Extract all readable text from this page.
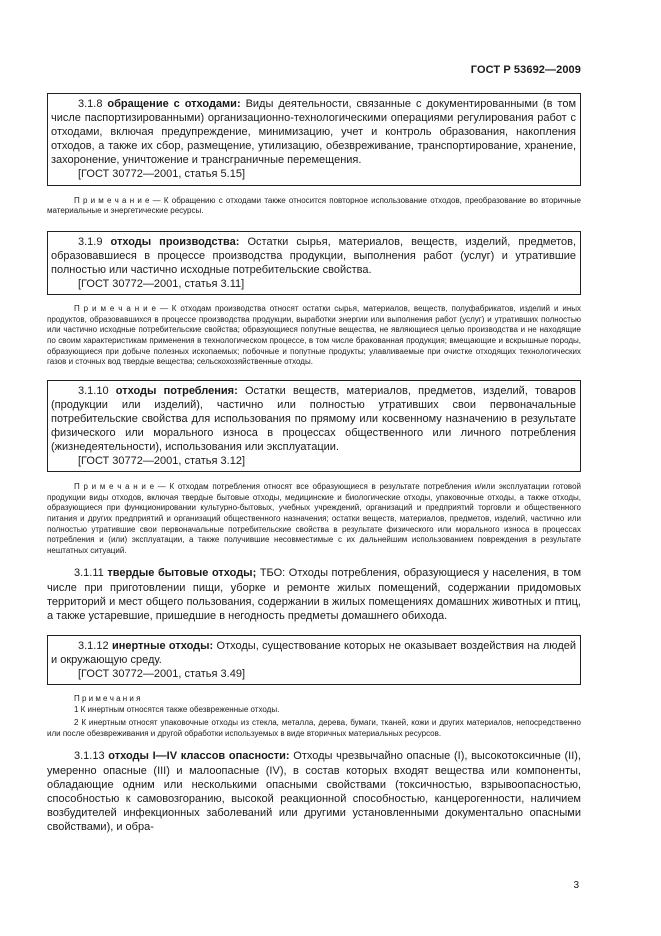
ГОСТ Р 53692—2009

3.1.8 обращение с отходами: Виды деятельности, связанные с документированными (в том числе паспортизированными) организационно-технологическими операциями регулирования работ с отходами, включая предупреждение, минимизацию, учет и контроль образования, накопления отходов, а также их сбор, размещение, утилизацию, обезвреживание, транспортирование, хранение, захоронение, уничтожение и трансграничные перемещения.

[ГОСТ 30772—2001, статья 5.15]

П р и м е ч а н и е — К обращению с отходами также относится повторное использование отходов, преобразование во вторичные материальные и энергетические ресурсы.

3.1.9 отходы производства: Остатки сырья, материалов, веществ, изделий, предметов, образовавшиеся в процессе производства продукции, выполнения работ (услуг) и утратившие полностью или частично исходные потребительские свойства.

[ГОСТ 30772—2001, статья 3.11]

П р и м е ч а н и е — К отходам производства относят остатки сырья, материалов, веществ, полуфабрикатов, изделий и иных продуктов, образовавшихся в процессе производства продукции, выработки энергии или выполнения работ (услуг) и утративших полностью или частично исходные потребительские свойства; образующиеся попутные вещества, не являющиеся целью производства и не находящие по своим характеристикам применения в технологическом процессе, в том числе бракованная продукция; вмещающие и вскрышные породы, образующиеся при добыче полезных ископаемых; побочные и попутные продукты; улавливаемые при очистке отходящих технологических газов и сточных вод твердые вещества; сельскохозяйственные отходы.

3.1.10 отходы потребления: Остатки веществ, материалов, предметов, изделий, товаров (продукции или изделий), частично или полностью утративших свои первоначальные потребительские свойства для использования по прямому или косвенному назначению в результате физического или морального износа в процессах общественного или личного потребления (жизнедеятельности), использования или эксплуатации.

[ГОСТ 30772—2001, статья 3.12]

П р и м е ч а н и е — К отходам потребления относят все образующиеся в результате потребления и/или эксплуатации готовой продукции виды отходов, включая твердые бытовые отходы, медицинские и биологические отходы, упаковочные отходы, а также отходы, образующиеся при функционировании культурно-бытовых, учебных учреждений, организаций и предприятий торговли и общественного питания и других предприятий и организаций общественного назначения; остатки веществ, материалов, предметов, изделий, частично или полностью утратившие свои первоначальные потребительские свойства в результате физического или морального износа в процессах потребления и (или) эксплуатации, а также получившие несовместимые с их дальнейшим использованием повреждения в результате нештатных ситуаций.

3.1.11 твердые бытовые отходы; ТБО: Отходы потребления, образующиеся у населения, в том числе при приготовлении пищи, уборке и ремонте жилых помещений, содержании придомовых территорий и мест общего пользования, содержании в жилых помещениях домашних животных и птиц, а также устаревшие, пришедшие в негодность предметы домашнего обихода.

3.1.12 инертные отходы: Отходы, существование которых не оказывает воздействия на людей и окружающую среду.

[ГОСТ 30772—2001, статья 3.49]

П р и м е ч а н и я

1 К инертным относятся также обезвреженные отходы.

2 К инертным относят упаковочные отходы из стекла, металла, дерева, бумаги, тканей, кожи и других материалов, непосредственно или после обезвреживания и другой обработки используемых в виде вторичных материальных ресурсов.

3.1.13 отходы I—IV классов опасности: Отходы чрезвычайно опасные (I), высокотоксичные (II), умеренно опасные (III) и малоопасные (IV), в состав которых входят вещества или компоненты, обладающие одним или несколькими опасными свойствами (токсичностью, взрывоопасностью, способностью к самовозгоранию, высокой реакционной способностью, канцерогенности, наличием возбудителей инфекционных заболеваний или другими установленными документально опасными свойствами), и обра-

3
